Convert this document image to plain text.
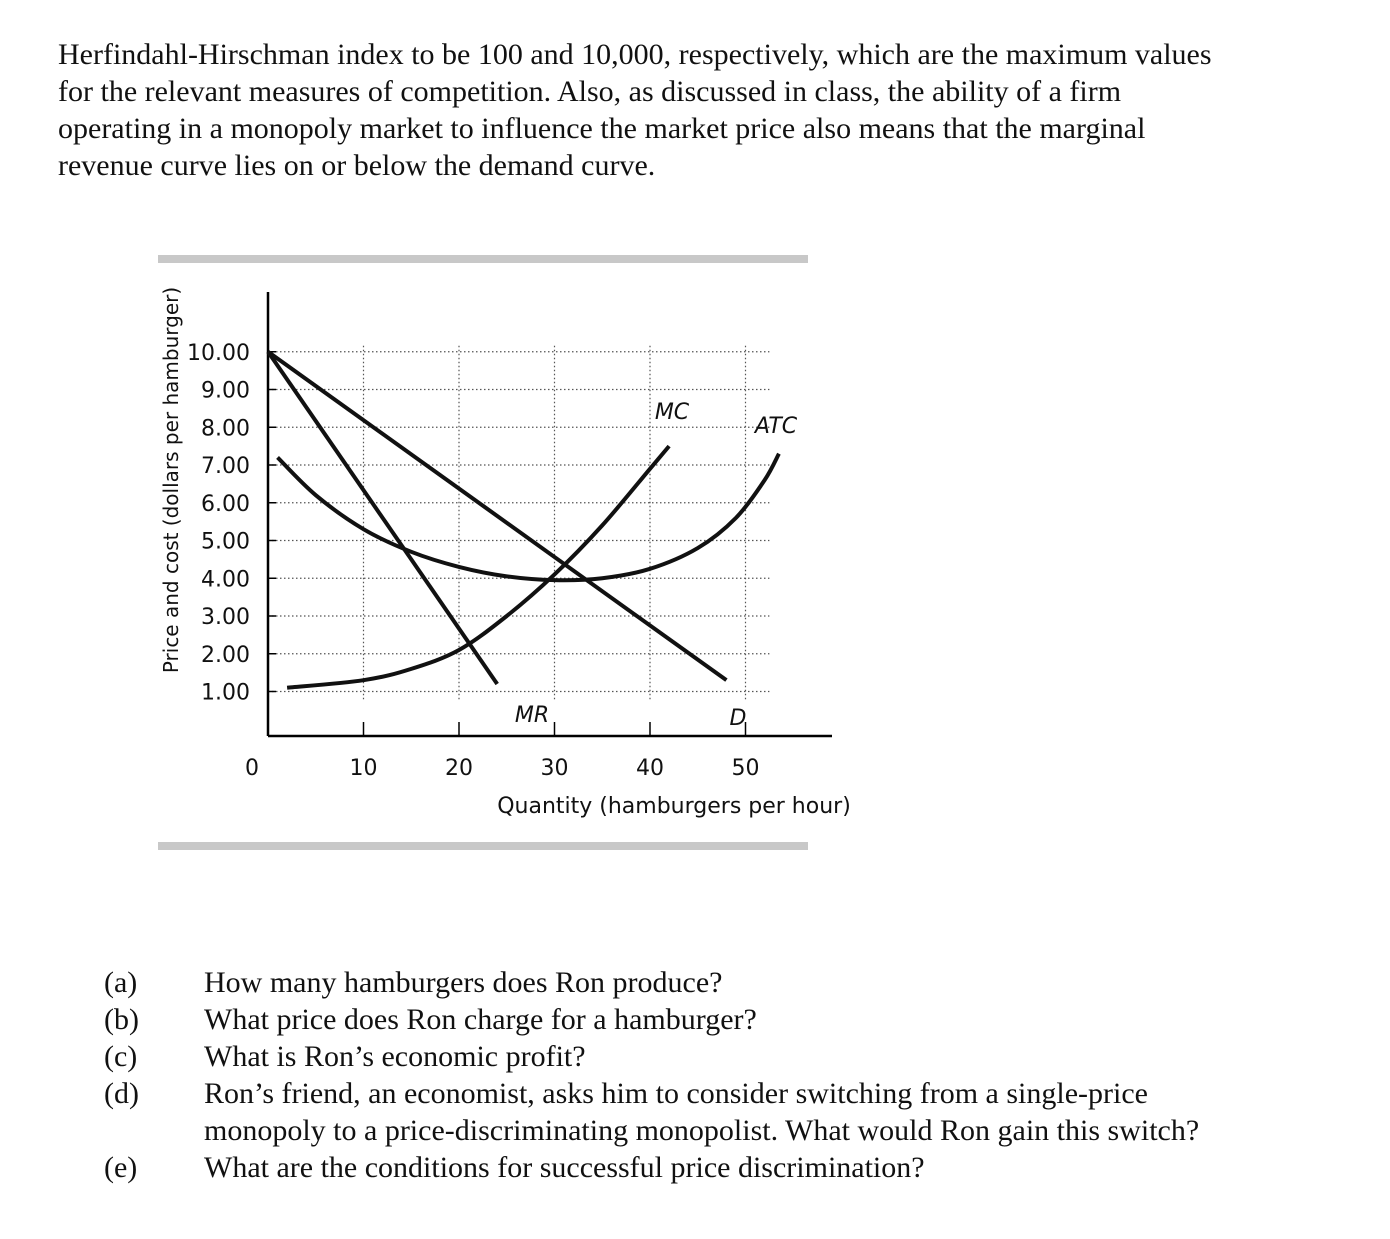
Herfindahl-Hirschman index to be 100 and 10,000, respectively, which are the maximum values
for the relevant measures of competition. Also, as discussed in class, the ability of a firm
operating in a monopoly market to influence the market price also means that the marginal
revenue curve lies on or below the demand curve.
1.00
2.00
3.00
4.00
5.00
6.00
7.00
8.00
9.00
10.00
10	20	30	40	50
0
Quantity (hamburgers per hour)
Price and cost (dollars per hamburger)	MC
ATC
MR	D
(a)	How many hamburgers does Ron produce?
(b)	What price does Ron charge for a hamburger?
(c)	What is Ron’s economic profit?
(d)	Ron’s friend, an economist, asks him to consider switching from a single-price monopoly to a price-discriminating monopolist. What would Ron gain this switch?
(e)	What are the conditions for successful price discrimination?
